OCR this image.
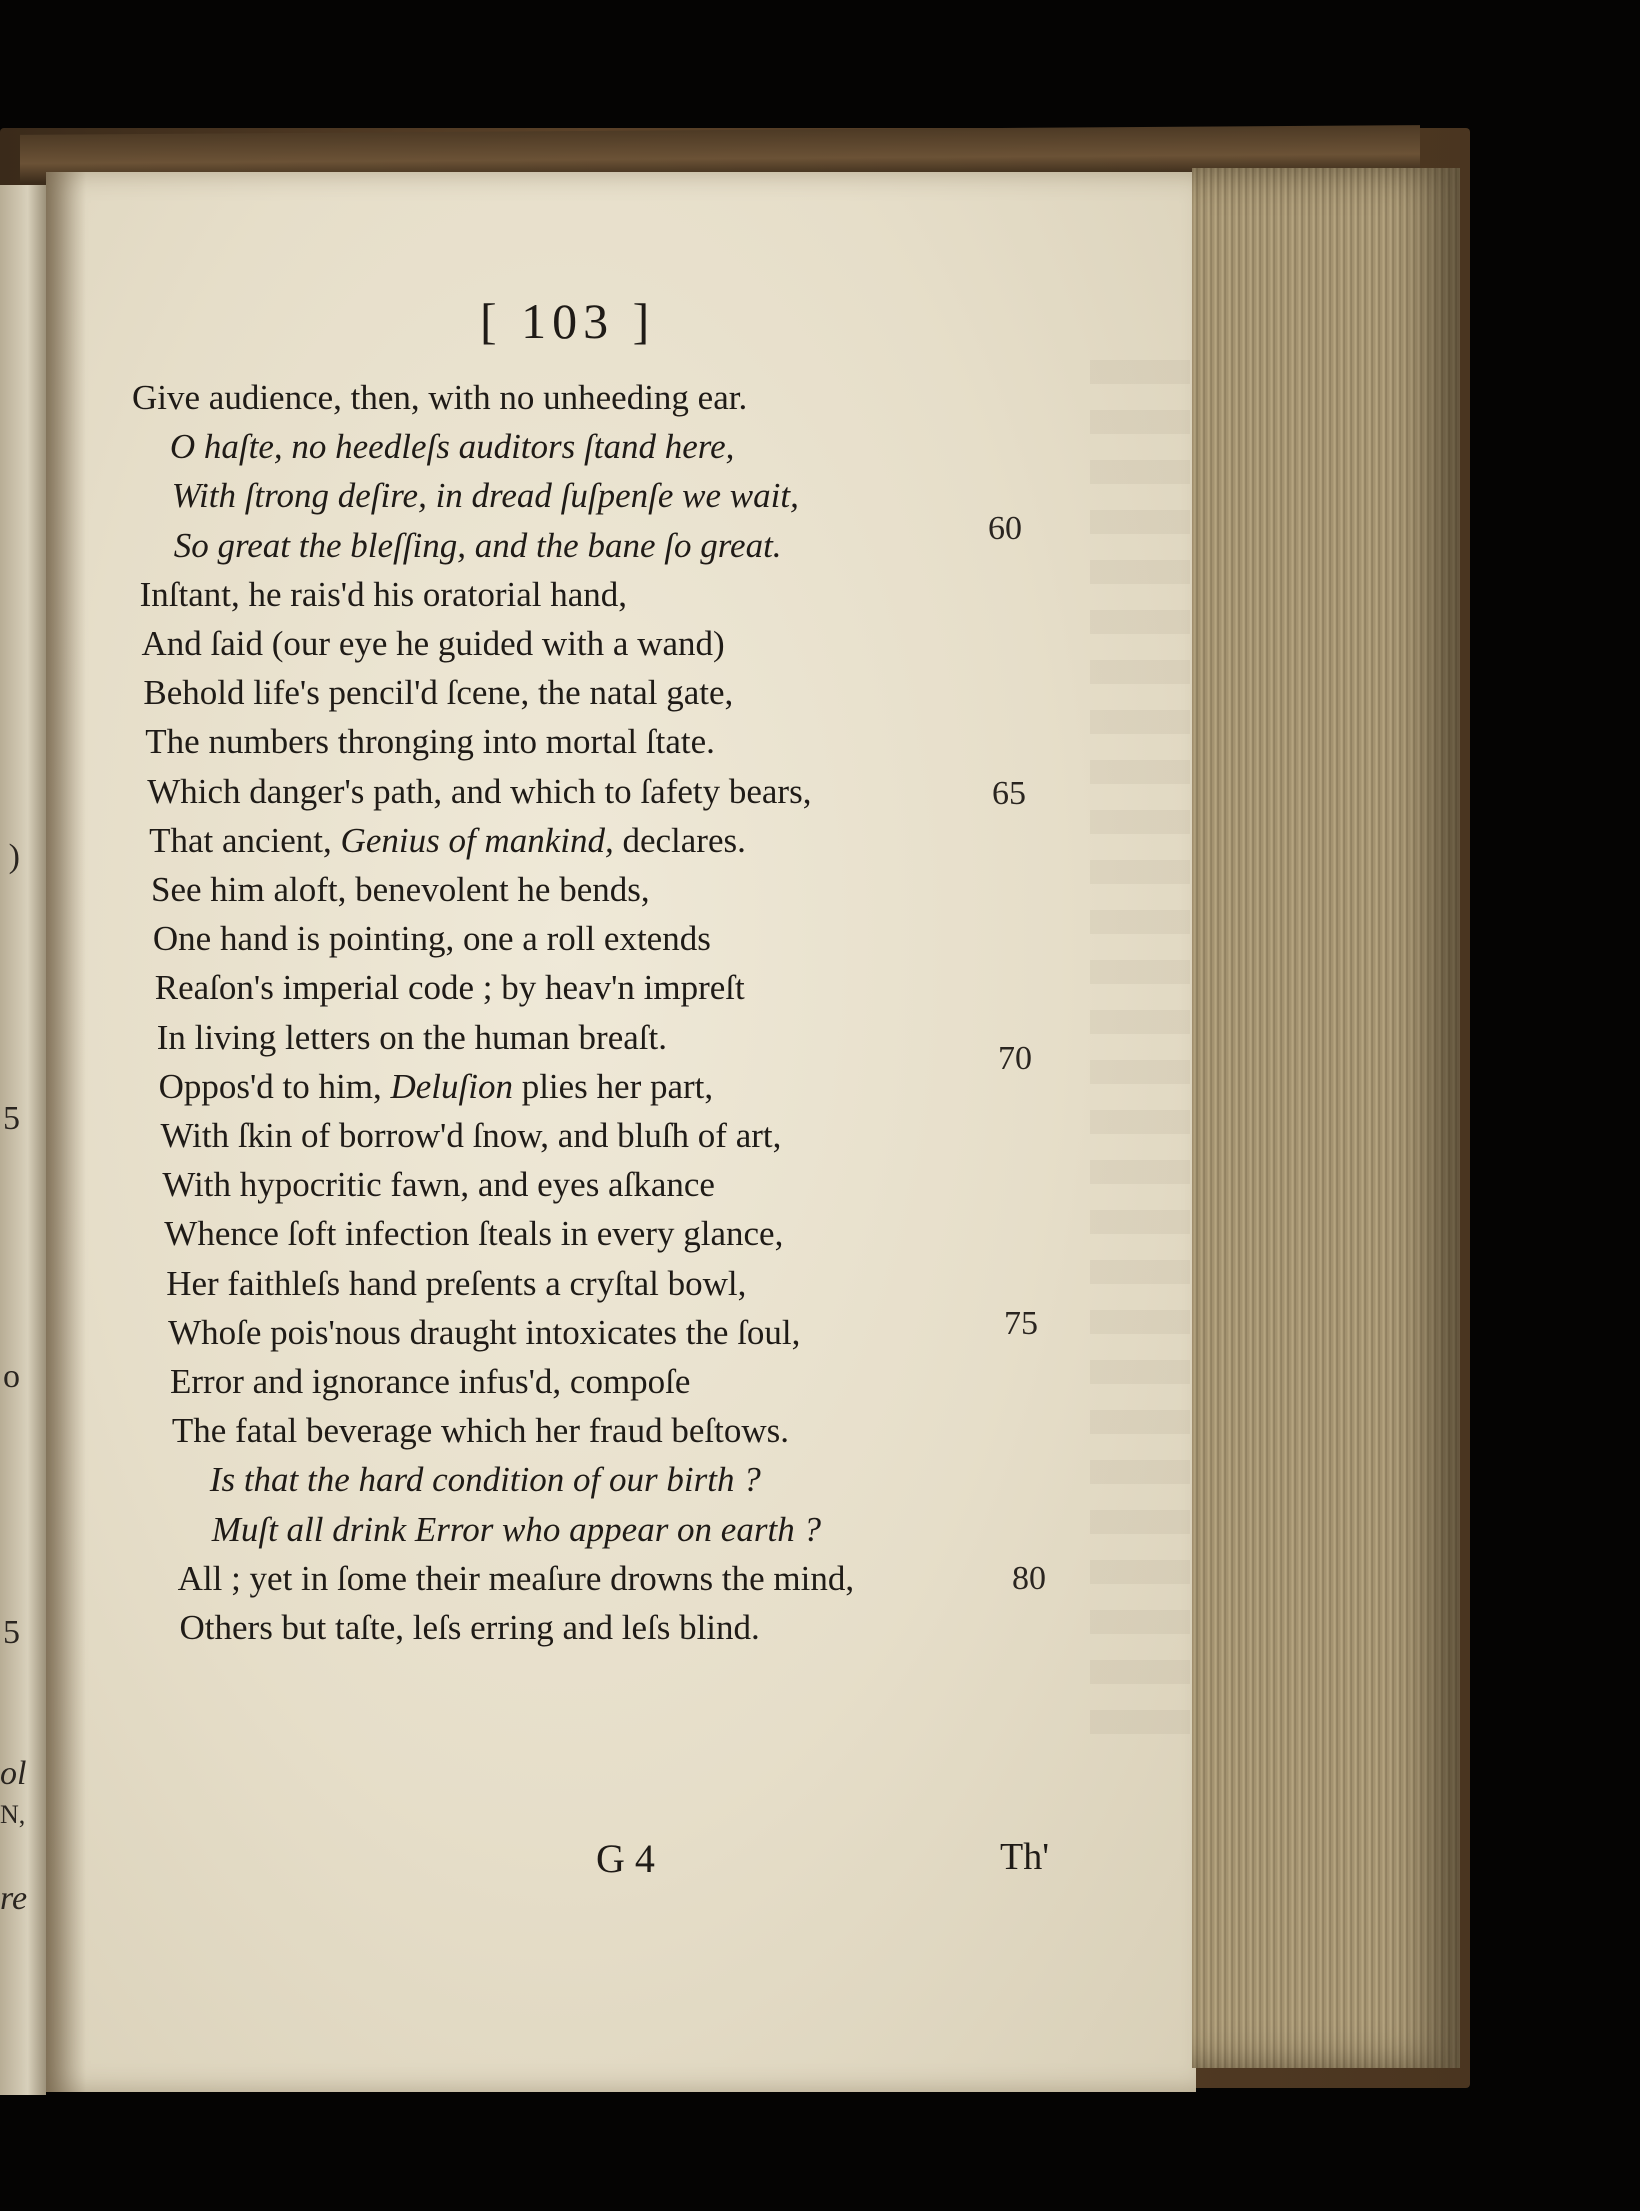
)
5
o
5
ol
N,
re
[ 103 ]
Give audience, then, with no unheeding ear.
O haſte, no heedleſs auditors ſtand here,
With ſtrong deſire, in dread ſuſpenſe we wait,
So great the bleſſing, and the bane ſo great.
Inſtant, he rais'd his oratorial hand,
And ſaid (our eye he guided with a wand)
Behold life's pencil'd ſcene, the natal gate,
The numbers thronging into mortal ſtate.
Which danger's path, and which to ſafety bears,
That ancient, Genius of mankind, declares.
See him aloft, benevolent he bends,
One hand is pointing, one a roll extends
Reaſon's imperial code ; by heav'n impreſt
In living letters on the human breaſt.
Oppos'd to him, Deluſion plies her part,
With ſkin of borrow'd ſnow, and bluſh of art,
With hypocritic fawn, and eyes aſkance
Whence ſoft infection ſteals in every glance,
Her faithleſs hand preſents a cryſtal bowl,
Whoſe pois'nous draught intoxicates the ſoul,
Error and ignorance infus'd, compoſe
The fatal beverage which her fraud beſtows.
Is that the hard condition of our birth ?
Muſt all drink Error who appear on earth ?
All ; yet in ſome their meaſure drowns the mind,
Others but taſte, leſs erring and leſs blind.
60
65
70
75
80
G 4	Th'
